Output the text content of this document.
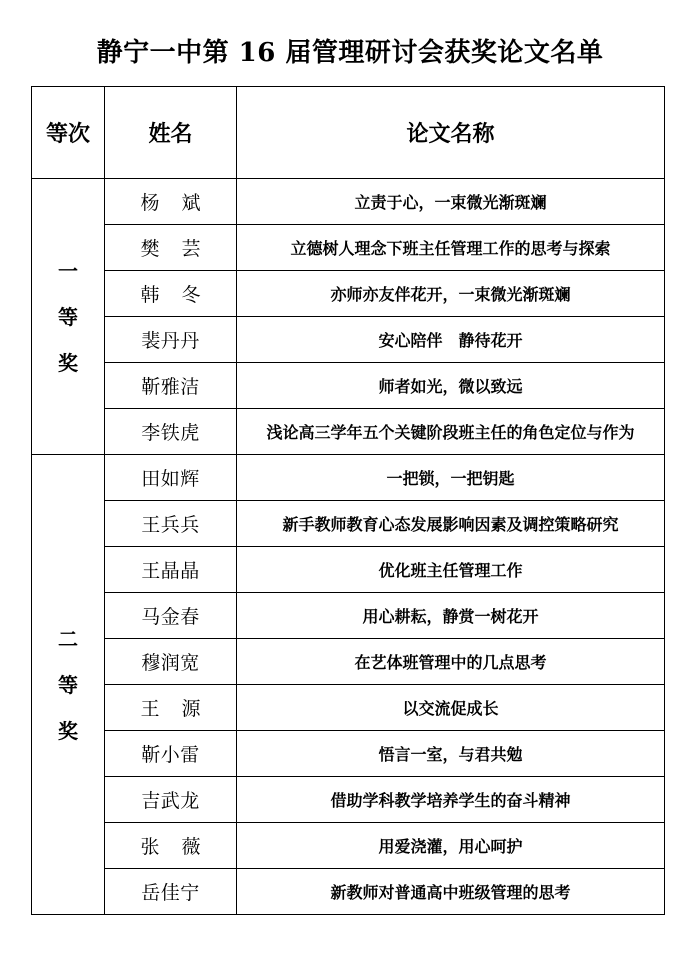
静宁一中第 16 届管理研讨会获奖论文名单
等次	姓名	论文名称

一
等
奖	杨斌	立责于心，一束微光渐斑斓
	樊芸	立德树人理念下班主任管理工作的思考与探索
	韩冬	亦师亦友伴花开，一束微光渐斑斓
	裴丹丹	安心陪伴　静待花开
	靳雅洁	师者如光，微以致远
	李铁虎	浅论高三学年五个关键阶段班主任的角色定位与作为

二
等
奖	田如辉	一把锁，一把钥匙
	王兵兵	新手教师教育心态发展影响因素及调控策略研究
	王晶晶	优化班主任管理工作
	马金春	用心耕耘，静赏一树花开
	穆润宽	在艺体班管理中的几点思考
	王源	以交流促成长
	靳小雷	悟言一室，与君共勉
	吉武龙	借助学科教学培养学生的奋斗精神
	张薇	用爱浇灌，用心呵护
	岳佳宁	新教师对普通高中班级管理的思考
